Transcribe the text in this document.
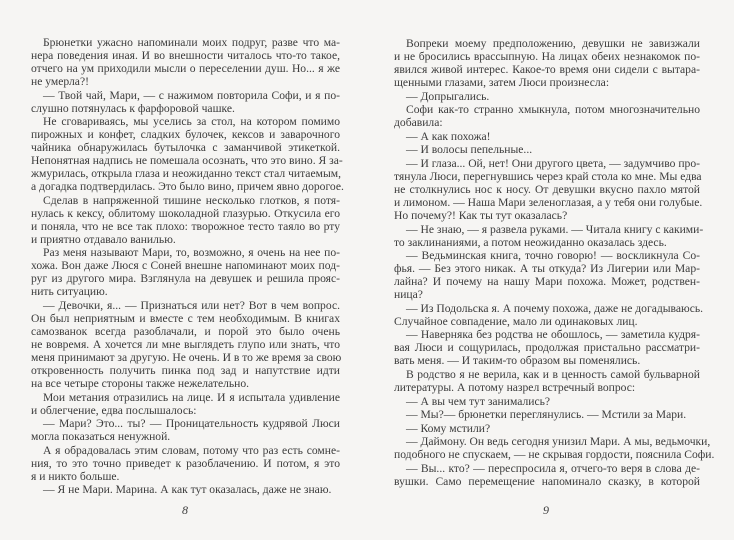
Брюнетки ужасно напоминали моих подруг, разве что ма-
нера поведения иная. И во внешности читалось что-то такое,
отчего на ум приходили мысли о переселении душ. Но... я же
не умерла?!
— Твой чай, Мари, — с нажимом повторила Софи, и я по-
слушно потянулась к фарфоровой чашке.
Не сговариваясь, мы уселись за стол, на котором помимо
пирожных и конфет, сладких булочек, кексов и заварочного
чайника обнаружилась бутылочка с заманчивой этикеткой.
Непонятная надпись не помешала осознать, что это вино. Я за-
жмурилась, открыла глаза и неожиданно текст стал читаемым,
а догадка подтвердилась. Это было вино, причем явно дорогое.
Сделав в напряженной тишине несколько глотков, я потя-
нулась к кексу, облитому шоколадной глазурью. Откусила его
и поняла, что не все так плохо: творожное тесто таяло во рту
и приятно отдавало ванилью.
Раз меня называют Мари, то, возможно, я очень на нее по-
хожа. Вон даже Люся с Соней внешне напоминают моих под-
руг из другого мира. Взглянула на девушек и решила прояс-
нить ситуацию.
— Девочки, я... — Признаться или нет? Вот в чем вопрос.
Он был неприятным и вместе с тем необходимым. В книгах
самозванок всегда разоблачали, и порой это было очень
не вовремя. А хочется ли мне выглядеть глупо или знать, что
меня принимают за другую. Не очень. И в то же время за свою
откровенность получить пинка под зад и напутствие идти
на все четыре стороны также нежелательно.
Мои метания отразились на лице. И я испытала удивление
и облегчение, едва послышалось:
— Мари? Это... ты? — Проницательность кудрявой Люси
могла показаться ненужной.
А я обрадовалась этим словам, потому что раз есть сомне-
ния, то это точно приведет к разоблачению. И потом, я это
я и никто больше.
— Я не Мари. Марина. А как тут оказалась, даже не знаю.
8
Вопреки моему предположению, девушки не завизжали
и не бросились врассыпную. На лицах обеих незнакомок по-
явился живой интерес. Какое-то время они сидели с вытара-
щенными глазами, затем Люси произнесла:
— Допрыгались.
Софи как-то странно хмыкнула, потом многозначительно
добавила:
— А как похожа!
— И волосы пепельные...
— И глаза... Ой, нет! Они другого цвета, — задумчиво про-
тянула Люси, перегнувшись через край стола ко мне. Мы едва
не столкнулись нос к носу. От девушки вкусно пахло мятой
и лимоном. — Наша Мари зеленоглазая, а у тебя они голубые.
Но почему?! Как ты тут оказалась?
— Не знаю, — я развела руками. — Читала книгу с какими-
то заклинаниями, а потом неожиданно оказалась здесь.
— Ведьминская книга, точно говорю! — воскликнула Со-
фья. — Без этого никак. А ты откуда? Из Лигерии или Мар-
лайна? И почему на нашу Мари похожа. Может, родствен-
ница?
— Из Подольска я. А почему похожа, даже не догадываюсь.
Случайное совпадение, мало ли одинаковых лиц.
— Наверняка без родства не обошлось, — заметила кудря-
вая Люси и сощурилась, продолжая пристально рассматри-
вать меня. — И таким-то образом вы поменялись.
В родство я не верила, как и в ценность самой бульварной
литературы. А потому назрел встречный вопрос:
— А вы чем тут занимались?
— Мы?— брюнетки переглянулись. — Мстили за Мари.
— Кому мстили?
— Даймону. Он ведь сегодня унизил Мари. А мы, ведьмочки,
подобного не спускаем, — не скрывая гордости, пояснила Софи.
— Вы... кто? — переспросила я, отчего-то веря в слова де-
вушки. Само перемещение напоминало сказку, в которой
9
